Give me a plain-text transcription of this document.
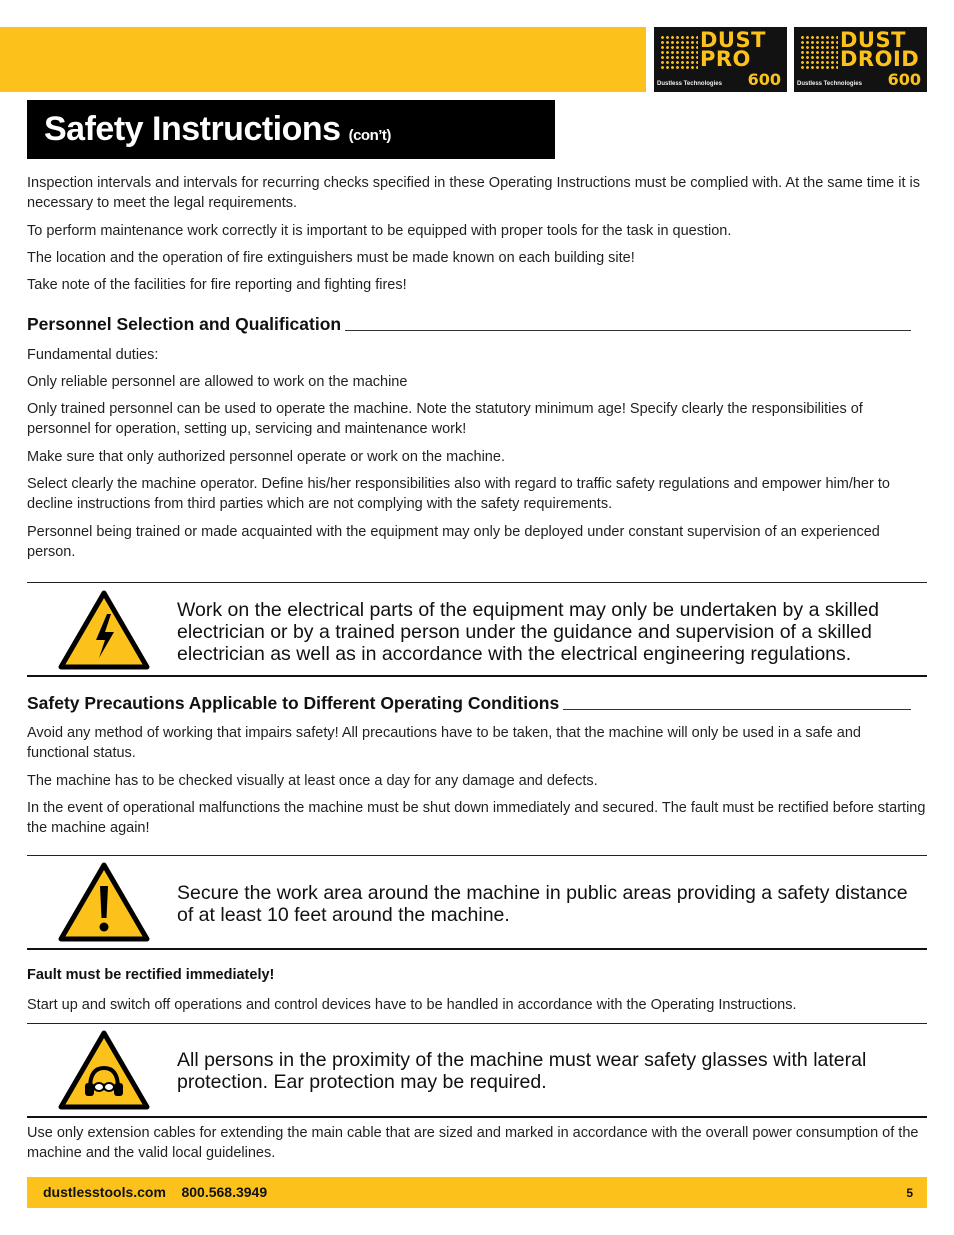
DUST
PRO
Dustless Technologies 600
DUST
DROID
Dustless Technologies 600
Safety Instructions (con’t)
Inspection intervals and intervals for recurring checks specified in these Operating Instructions must be complied with. At the same time it is necessary to meet the legal requirements.
To perform maintenance work correctly it is important to be equipped with proper tools for the task in question.
The location and the operation of fire extinguishers must be made known on each building site!
Take note of the facilities for fire reporting and fighting fires!
Personnel Selection and Qualification
Fundamental duties:
Only reliable personnel are allowed to work on the machine
Only trained personnel can be used to operate the machine. Note the statutory minimum age! Specify clearly the responsibilities of personnel for operation, setting up, servicing and maintenance work!
Make sure that only authorized personnel operate or work on the machine.
Select clearly the machine operator. Define his/her responsibilities also with regard to traffic safety regulations and empower him/her to decline instructions from third parties which are not complying with the safety requirements.
Personnel being trained or made acquainted with the equipment may only be deployed under constant supervision of an experienced person.
Work on the electrical parts of the equipment may only be undertaken by a skilled electrician or by a trained person under the guidance and supervision of a skilled electrician as well as in accordance with the electrical engineering regulations.
Safety Precautions Applicable to Different Operating Conditions
Avoid any method of working that impairs safety! All precautions have to be taken, that the machine will only be used in a safe and functional status.
The machine has to be checked visually at least once a day for any damage and defects.
In the event of operational malfunctions the machine must be shut down immediately and secured. The fault must be rectified before starting the machine again!
Secure the work area around the machine in public areas providing a safety distance of at least 10 feet around the machine.
Fault must be rectified immediately!
Start up and switch off operations and control devices have to be handled in accordance with the Operating Instructions.
All persons in the proximity of the machine must wear safety glasses with lateral protection. Ear protection may be required.
Use only extension cables for extending the main cable that are sized and marked in accordance with the overall power consumption of the machine and the valid local guidelines.
dustlesstools.com    800.568.3949	5
